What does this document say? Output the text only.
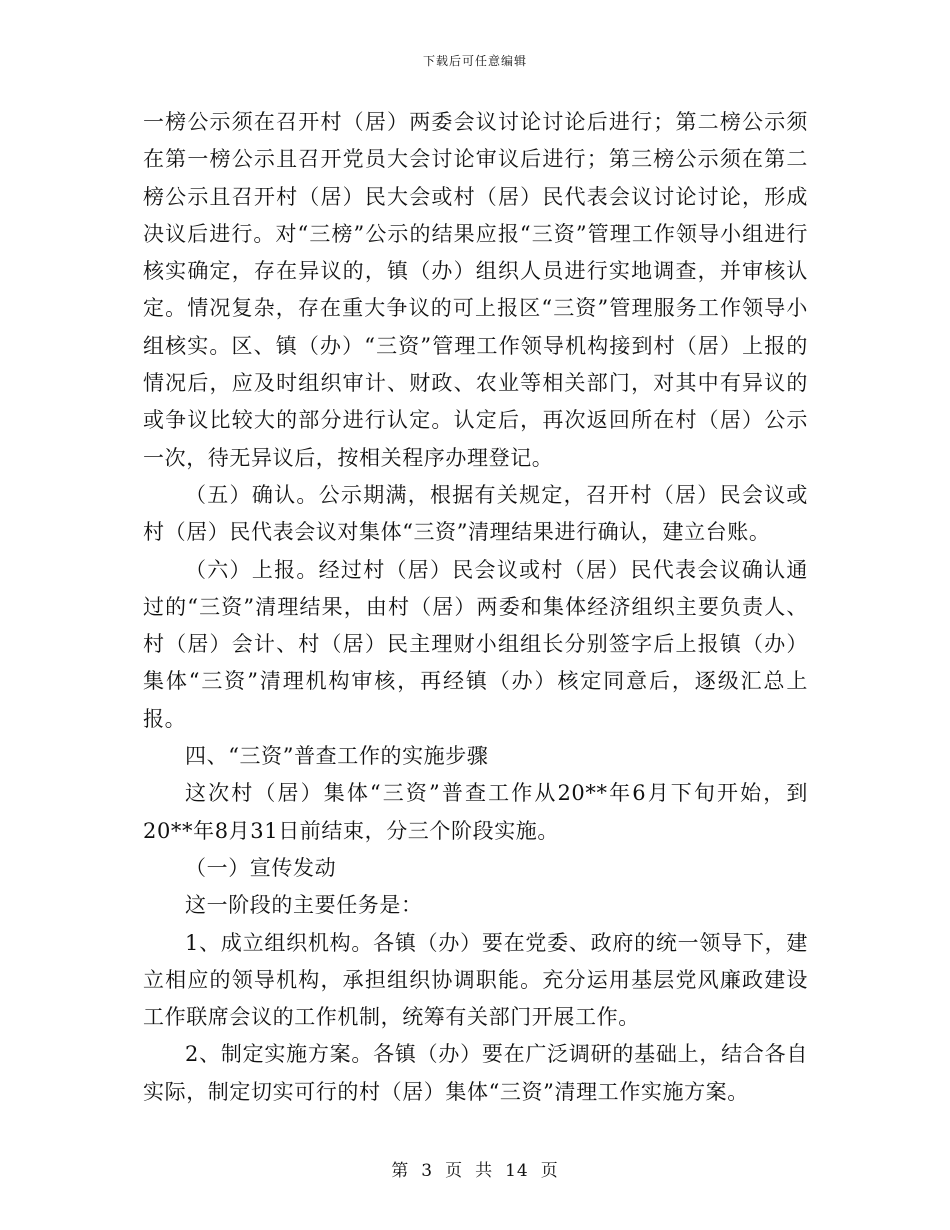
下载后可任意编辑

一榜公示须在召开村（居）两委会议讨论讨论后进行；第二榜公示须在第一榜公示且召开党员大会讨论审议后进行；第三榜公示须在第二榜公示且召开村（居）民大会或村（居）民代表会议讨论讨论，形成决议后进行。对“三榜”公示的结果应报“三资”管理工作领导小组进行核实确定，存在异议的，镇（办）组织人员进行实地调查，并审核认定。情况复杂，存在重大争议的可上报区“三资”管理服务工作领导小组核实。区、镇（办）“三资”管理工作领导机构接到村（居）上报的情况后，应及时组织审计、财政、农业等相关部门，对其中有异议的或争议比较大的部分进行认定。认定后，再次返回所在村（居）公示一次，待无异议后，按相关程序办理登记。

（五）确认。公示期满，根据有关规定，召开村（居）民会议或村（居）民代表会议对集体“三资”清理结果进行确认，建立台账。

（六）上报。经过村（居）民会议或村（居）民代表会议确认通过的“三资”清理结果，由村（居）两委和集体经济组织主要负责人、村（居）会计、村（居）民主理财小组组长分别签字后上报镇（办）集体“三资”清理机构审核，再经镇（办）核定同意后，逐级汇总上报。

四、“三资”普查工作的实施步骤

这次村（居）集体“三资”普查工作从20**年6月下旬开始，到20**年8月31日前结束，分三个阶段实施。

（一）宣传发动

这一阶段的主要任务是：

1、成立组织机构。各镇（办）要在党委、政府的统一领导下，建立相应的领导机构，承担组织协调职能。充分运用基层党风廉政建设工作联席会议的工作机制，统筹有关部门开展工作。

2、制定实施方案。各镇（办）要在广泛调研的基础上，结合各自实际，制定切实可行的村（居）集体“三资”清理工作实施方案。

第 3 页 共 14 页
